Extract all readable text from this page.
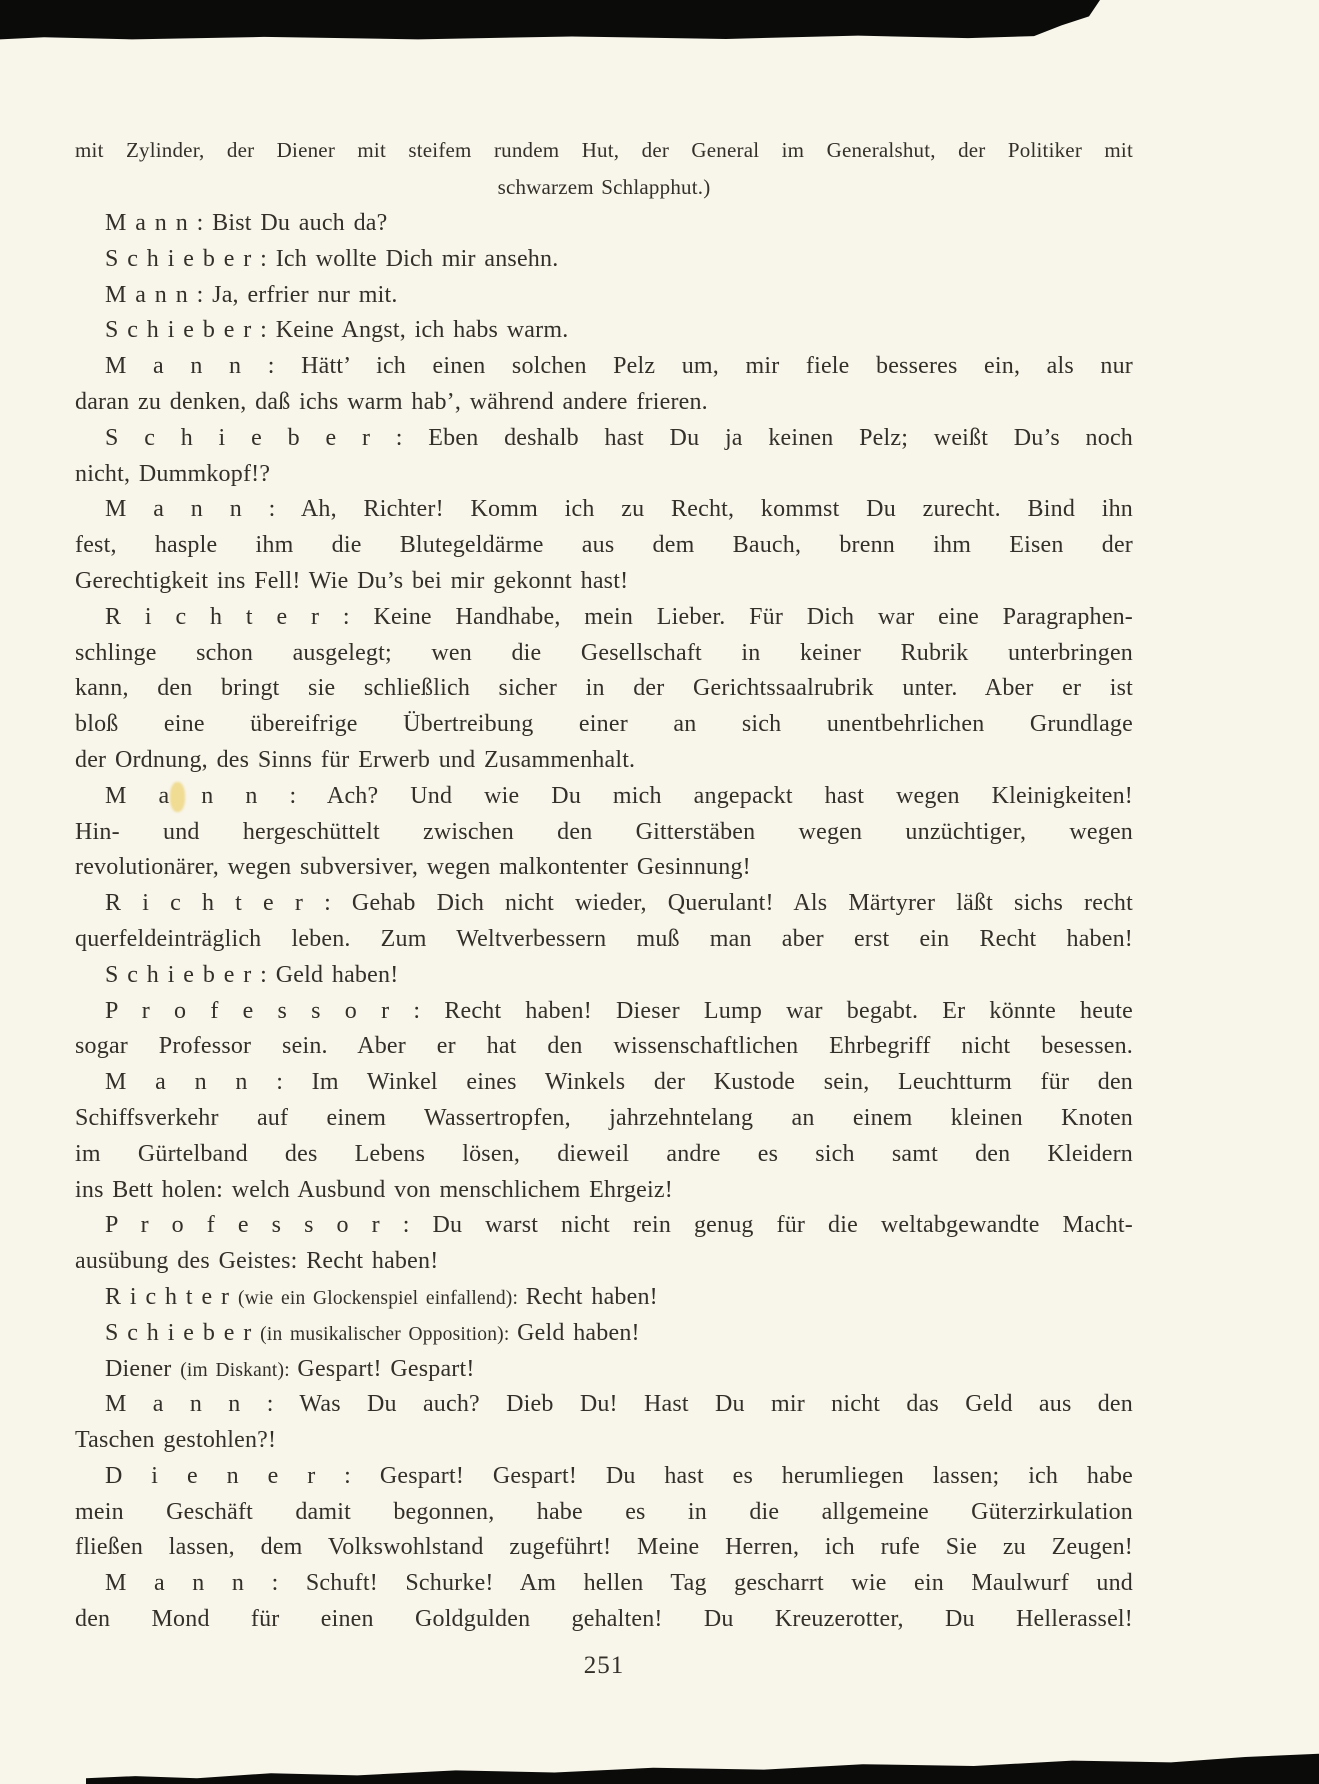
mit Zylinder, der Diener mit steifem rundem Hut, der General im Generalshut, der Politiker mit
schwarzem Schlapphut.)
M a n n : Bist Du auch da?
S c h i e b e r : Ich wollte Dich mir ansehn.
M a n n : Ja, erfrier nur mit.
S c h i e b e r : Keine Angst, ich habs warm.
M a n n : Hätt’ ich einen solchen Pelz um, mir fiele besseres ein, als nur
daran zu denken, daß ichs warm hab’, während andere frieren.
S c h i e b e r : Eben deshalb hast Du ja keinen Pelz; weißt Du’s noch
nicht, Dummkopf!?
M a n n : Ah, Richter! Komm ich zu Recht, kommst Du zurecht. Bind ihn
fest, hasple ihm die Blutegeldärme aus dem Bauch, brenn ihm Eisen der
Gerechtigkeit ins Fell! Wie Du’s bei mir gekonnt hast!
R i c h t e r : Keine Handhabe, mein Lieber. Für Dich war eine Paragraphen-
schlinge schon ausgelegt; wen die Gesellschaft in keiner Rubrik unterbringen
kann, den bringt sie schließlich sicher in der Gerichtssaalrubrik unter. Aber er ist
bloß eine übereifrige Übertreibung einer an sich unentbehrlichen Grundlage
der Ordnung, des Sinns für Erwerb und Zusammenhalt.
M a n n : Ach? Und wie Du mich angepackt hast wegen Kleinigkeiten!
Hin- und hergeschüttelt zwischen den Gitterstäben wegen unzüchtiger, wegen
revolutionärer, wegen subversiver, wegen malkontenter Gesinnung!
R i c h t e r : Gehab Dich nicht wieder, Querulant! Als Märtyrer läßt sichs recht
querfeldeinträglich leben. Zum Weltverbessern muß man aber erst ein Recht haben!
S c h i e b e r : Geld haben!
P r o f e s s o r : Recht haben! Dieser Lump war begabt. Er könnte heute
sogar Professor sein. Aber er hat den wissenschaftlichen Ehrbegriff nicht besessen.
M a n n : Im Winkel eines Winkels der Kustode sein, Leuchtturm für den
Schiffsverkehr auf einem Wassertropfen, jahrzehntelang an einem kleinen Knoten
im Gürtelband des Lebens lösen, dieweil andre es sich samt den Kleidern
ins Bett holen: welch Ausbund von menschlichem Ehrgeiz!
P r o f e s s o r : Du warst nicht rein genug für die weltabgewandte Macht-
ausübung des Geistes: Recht haben!
R i c h t e r (wie ein Glockenspiel einfallend): Recht haben!
S c h i e b e r (in musikalischer Opposition): Geld haben!
Diener (im Diskant): Gespart! Gespart!
M a n n : Was Du auch? Dieb Du! Hast Du mir nicht das Geld aus den
Taschen gestohlen?!
D i e n e r : Gespart! Gespart! Du hast es herumliegen lassen; ich habe
mein Geschäft damit begonnen, habe es in die allgemeine Güterzirkulation
fließen lassen, dem Volkswohlstand zugeführt! Meine Herren, ich rufe Sie zu Zeugen!
M a n n : Schuft! Schurke! Am hellen Tag gescharrt wie ein Maulwurf und
den Mond für einen Goldgulden gehalten! Du Kreuzerotter, Du Hellerassel!
251
